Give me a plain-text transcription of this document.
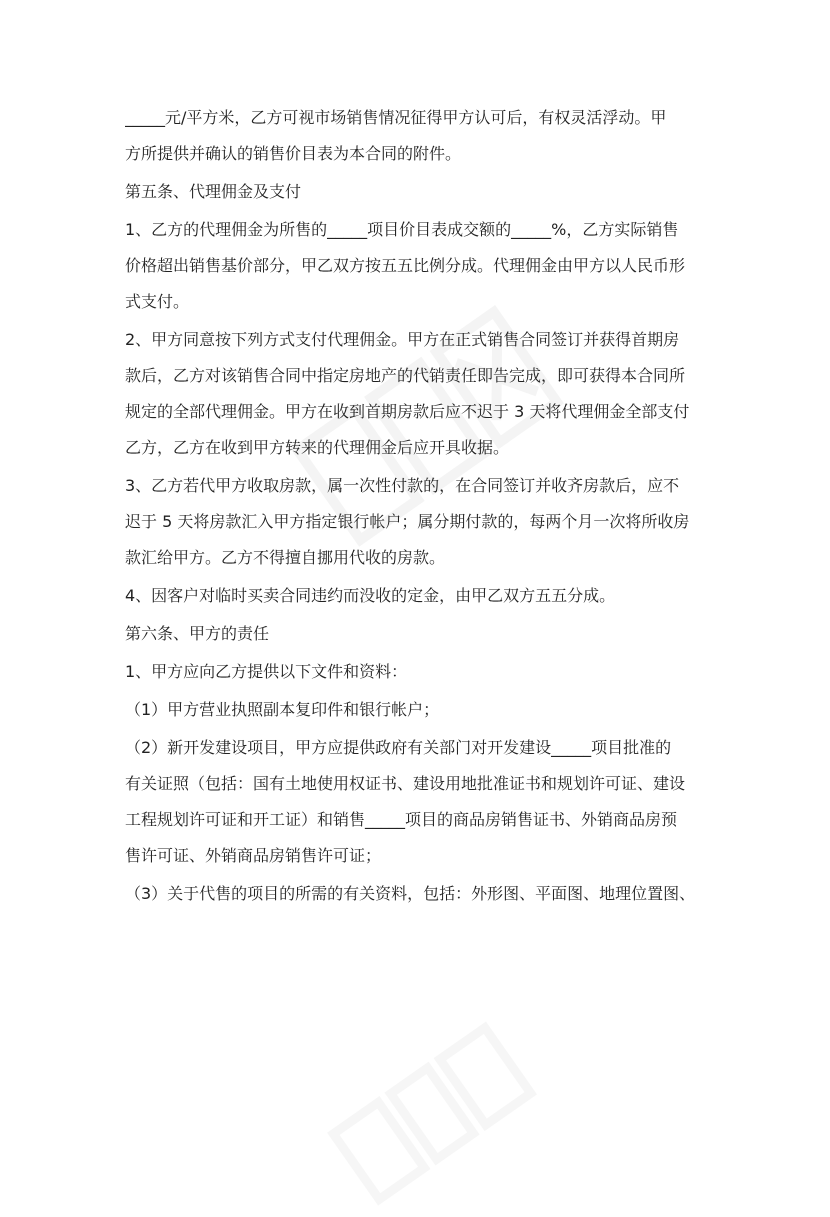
_____元/平方米，乙方可视市场销售情况征得甲方认可后，有权灵活浮动。甲
方所提供并确认的销售价目表为本合同的附件。
第五条、代理佣金及支付
1、乙方的代理佣金为所售的_____项目价目表成交额的_____%，乙方实际销售
价格超出销售基价部分，甲乙双方按五五比例分成。代理佣金由甲方以人民币形
式支付。
2、甲方同意按下列方式支付代理佣金。甲方在正式销售合同签订并获得首期房
款后，乙方对该销售合同中指定房地产的代销责任即告完成，即可获得本合同所
规定的全部代理佣金。甲方在收到首期房款后应不迟于 3 天将代理佣金全部支付
乙方，乙方在收到甲方转来的代理佣金后应开具收据。
3、乙方若代甲方收取房款，属一次性付款的，在合同签订并收齐房款后，应不
迟于 5 天将房款汇入甲方指定银行帐户；属分期付款的，每两个月一次将所收房
款汇给甲方。乙方不得擅自挪用代收的房款。
4、因客户对临时买卖合同违约而没收的定金，由甲乙双方五五分成。
第六条、甲方的责任
1、甲方应向乙方提供以下文件和资料：
（1）甲方营业执照副本复印件和银行帐户；
（2）新开发建设项目，甲方应提供政府有关部门对开发建设_____项目批准的
有关证照（包括：国有土地使用权证书、建设用地批准证书和规划许可证、建设
工程规划许可证和开工证）和销售_____项目的商品房销售证书、外销商品房预
售许可证、外销商品房销售许可证；
（3）关于代售的项目的所需的有关资料，包括：外形图、平面图、地理位置图、
